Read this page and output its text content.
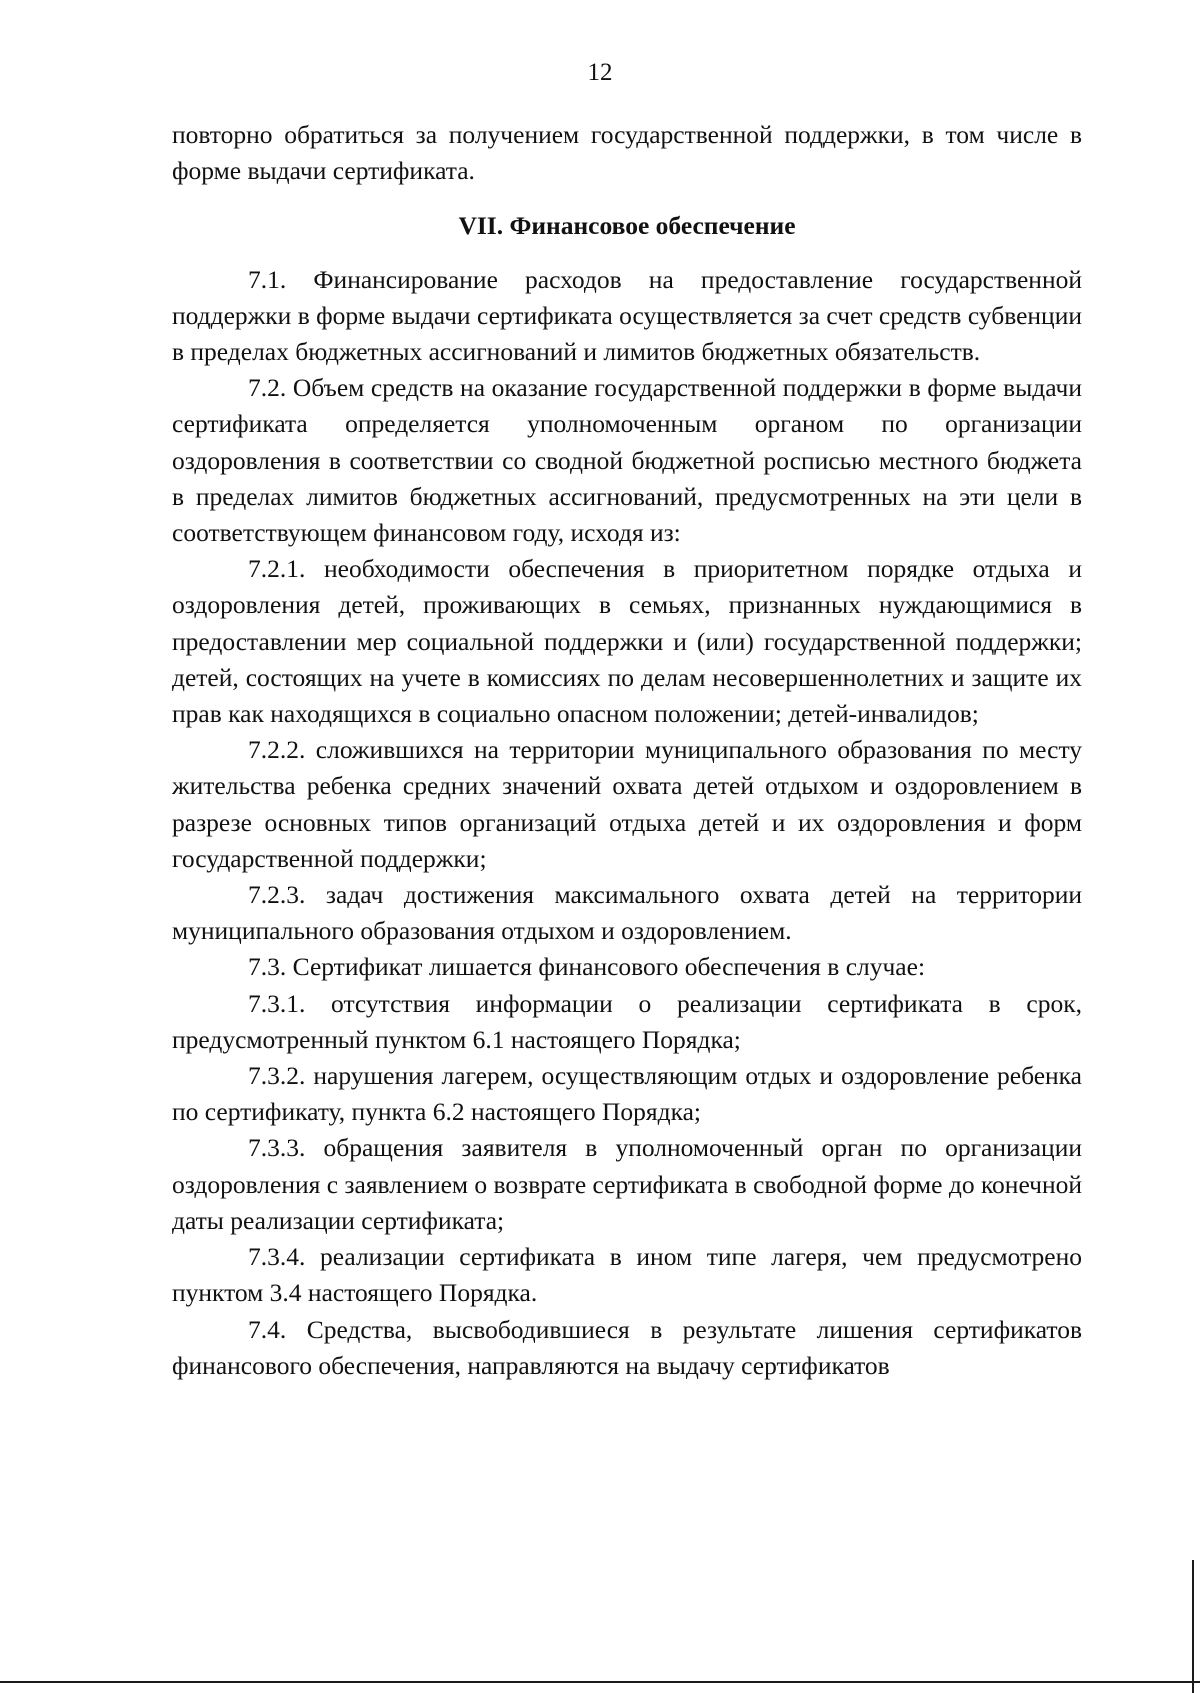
12

повторно обратиться за получением государственной поддержки, в том числе в форме выдачи сертификата.

VII. Финансовое обеспечение

7.1. Финансирование расходов на предоставление государственной поддержки в форме выдачи сертификата осуществляется за счет средств субвенции в пределах бюджетных ассигнований и лимитов бюджетных обязательств.

7.2. Объем средств на оказание государственной поддержки в форме выдачи сертификата определяется уполномоченным органом по организации оздоровления в соответствии со сводной бюджетной росписью местного бюджета в пределах лимитов бюджетных ассигнований, предусмотренных на эти цели в соответствующем финансовом году, исходя из:

7.2.1. необходимости обеспечения в приоритетном порядке отдыха и оздоровления детей, проживающих в семьях, признанных нуждающимися в предоставлении мер социальной поддержки и (или) государственной поддержки; детей, состоящих на учете в комиссиях по делам несовершеннолетних и защите их прав как находящихся в социально опасном положении; детей-инвалидов;

7.2.2. сложившихся на территории муниципального образования по месту жительства ребенка средних значений охвата детей отдыхом и оздоровлением в разрезе основных типов организаций отдыха детей и их оздоровления и форм государственной поддержки;

7.2.3. задач достижения максимального охвата детей на территории муниципального образования отдыхом и оздоровлением.

7.3. Сертификат лишается финансового обеспечения в случае:

7.3.1. отсутствия информации о реализации сертификата в срок, предусмотренный пунктом 6.1 настоящего Порядка;

7.3.2. нарушения лагерем, осуществляющим отдых и оздоровление ребенка по сертификату, пункта 6.2 настоящего Порядка;

7.3.3. обращения заявителя в уполномоченный орган по организации оздоровления с заявлением о возврате сертификата в свободной форме до конечной даты реализации сертификата;

7.3.4. реализации сертификата в ином типе лагеря, чем предусмотрено пунктом 3.4 настоящего Порядка.

7.4. Средства, высвободившиеся в результате лишения сертификатов финансового обеспечения, направляются на выдачу сертификатов
